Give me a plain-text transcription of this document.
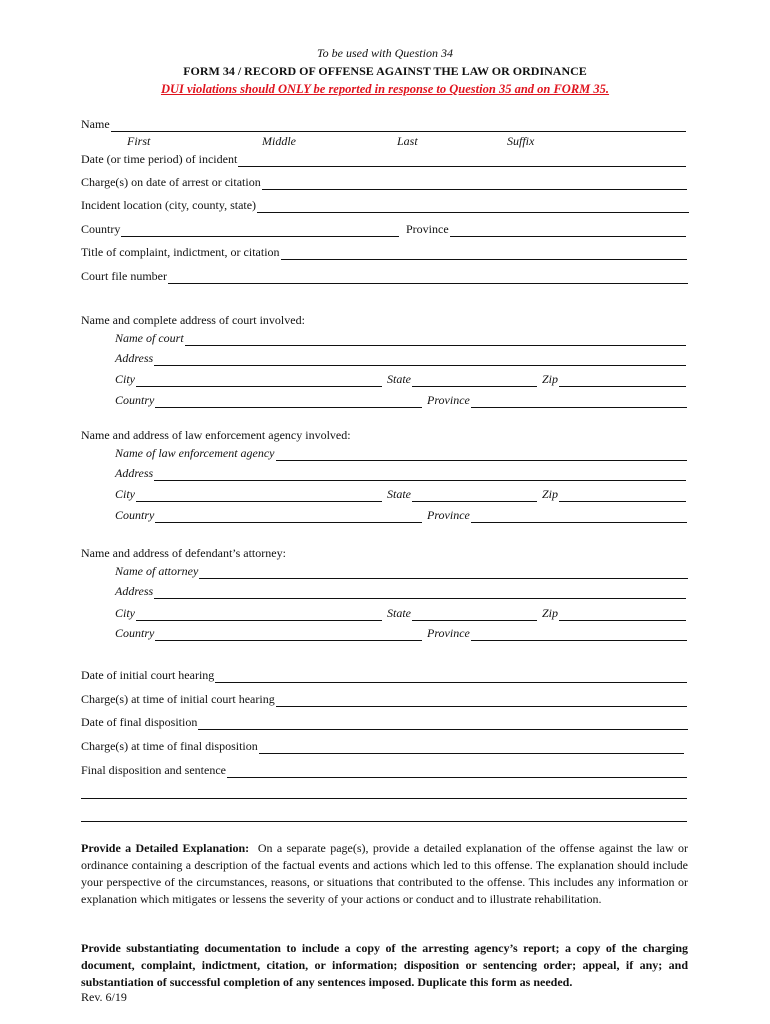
To be used with Question 34
FORM 34 / RECORD OF OFFENSE AGAINST THE LAW OR ORDINANCE
DUI violations should ONLY be reported in response to Question 35 and on FORM 35.
Name
First	Middle	Last	Suffix
Date (or time period) of incident
Charge(s) on date of arrest or citation
Incident location (city, county, state)
Country	Province
Title of complaint, indictment, or citation
Court file number
Name and complete address of court involved:
Name of court
Address
City	State	Zip
Country	Province
Name and address of law enforcement agency involved:
Name of law enforcement agency
Address
City	State	Zip
Country	Province
Name and address of defendant’s attorney:
Name of attorney
Address
City	State	Zip
Country	Province
Date of initial court hearing
Charge(s) at time of initial court hearing
Date of final disposition
Charge(s) at time of final disposition
Final disposition and sentence
Provide a Detailed Explanation: On a separate page(s), provide a detailed explanation of the offense against the law or ordinance containing a description of the factual events and actions which led to this offense. The explanation should include your perspective of the circumstances, reasons, or situations that contributed to the offense. This includes any information or explanation which mitigates or lessens the severity of your actions or conduct and to illustrate rehabilitation.
Provide substantiating documentation to include a copy of the arresting agency’s report; a copy of the charging document, complaint, indictment, citation, or information; disposition or sentencing order; appeal, if any; and substantiation of successful completion of any sentences imposed. Duplicate this form as needed.
Rev. 6/19
